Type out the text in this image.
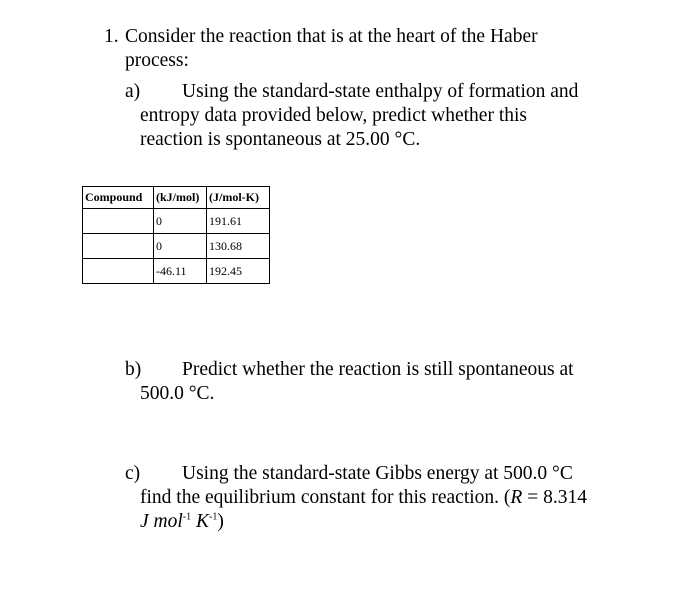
1. Consider the reaction that is at the heart of the Haber
process:
a) Using the standard-state enthalpy of formation and
entropy data provided below, predict whether this
reaction is spontaneous at 25.00 °C.
Compound	(kJ/mol)	(J/mol-K)
	0	191.61
	0	130.68
	-46.11	192.45
b) Predict whether the reaction is still spontaneous at
500.0 °C.
c) Using the standard-state Gibbs energy at 500.0 °C
find the equilibrium constant for this reaction. (R = 8.314
J mol$^{-1}$ $K^{-1}$)
